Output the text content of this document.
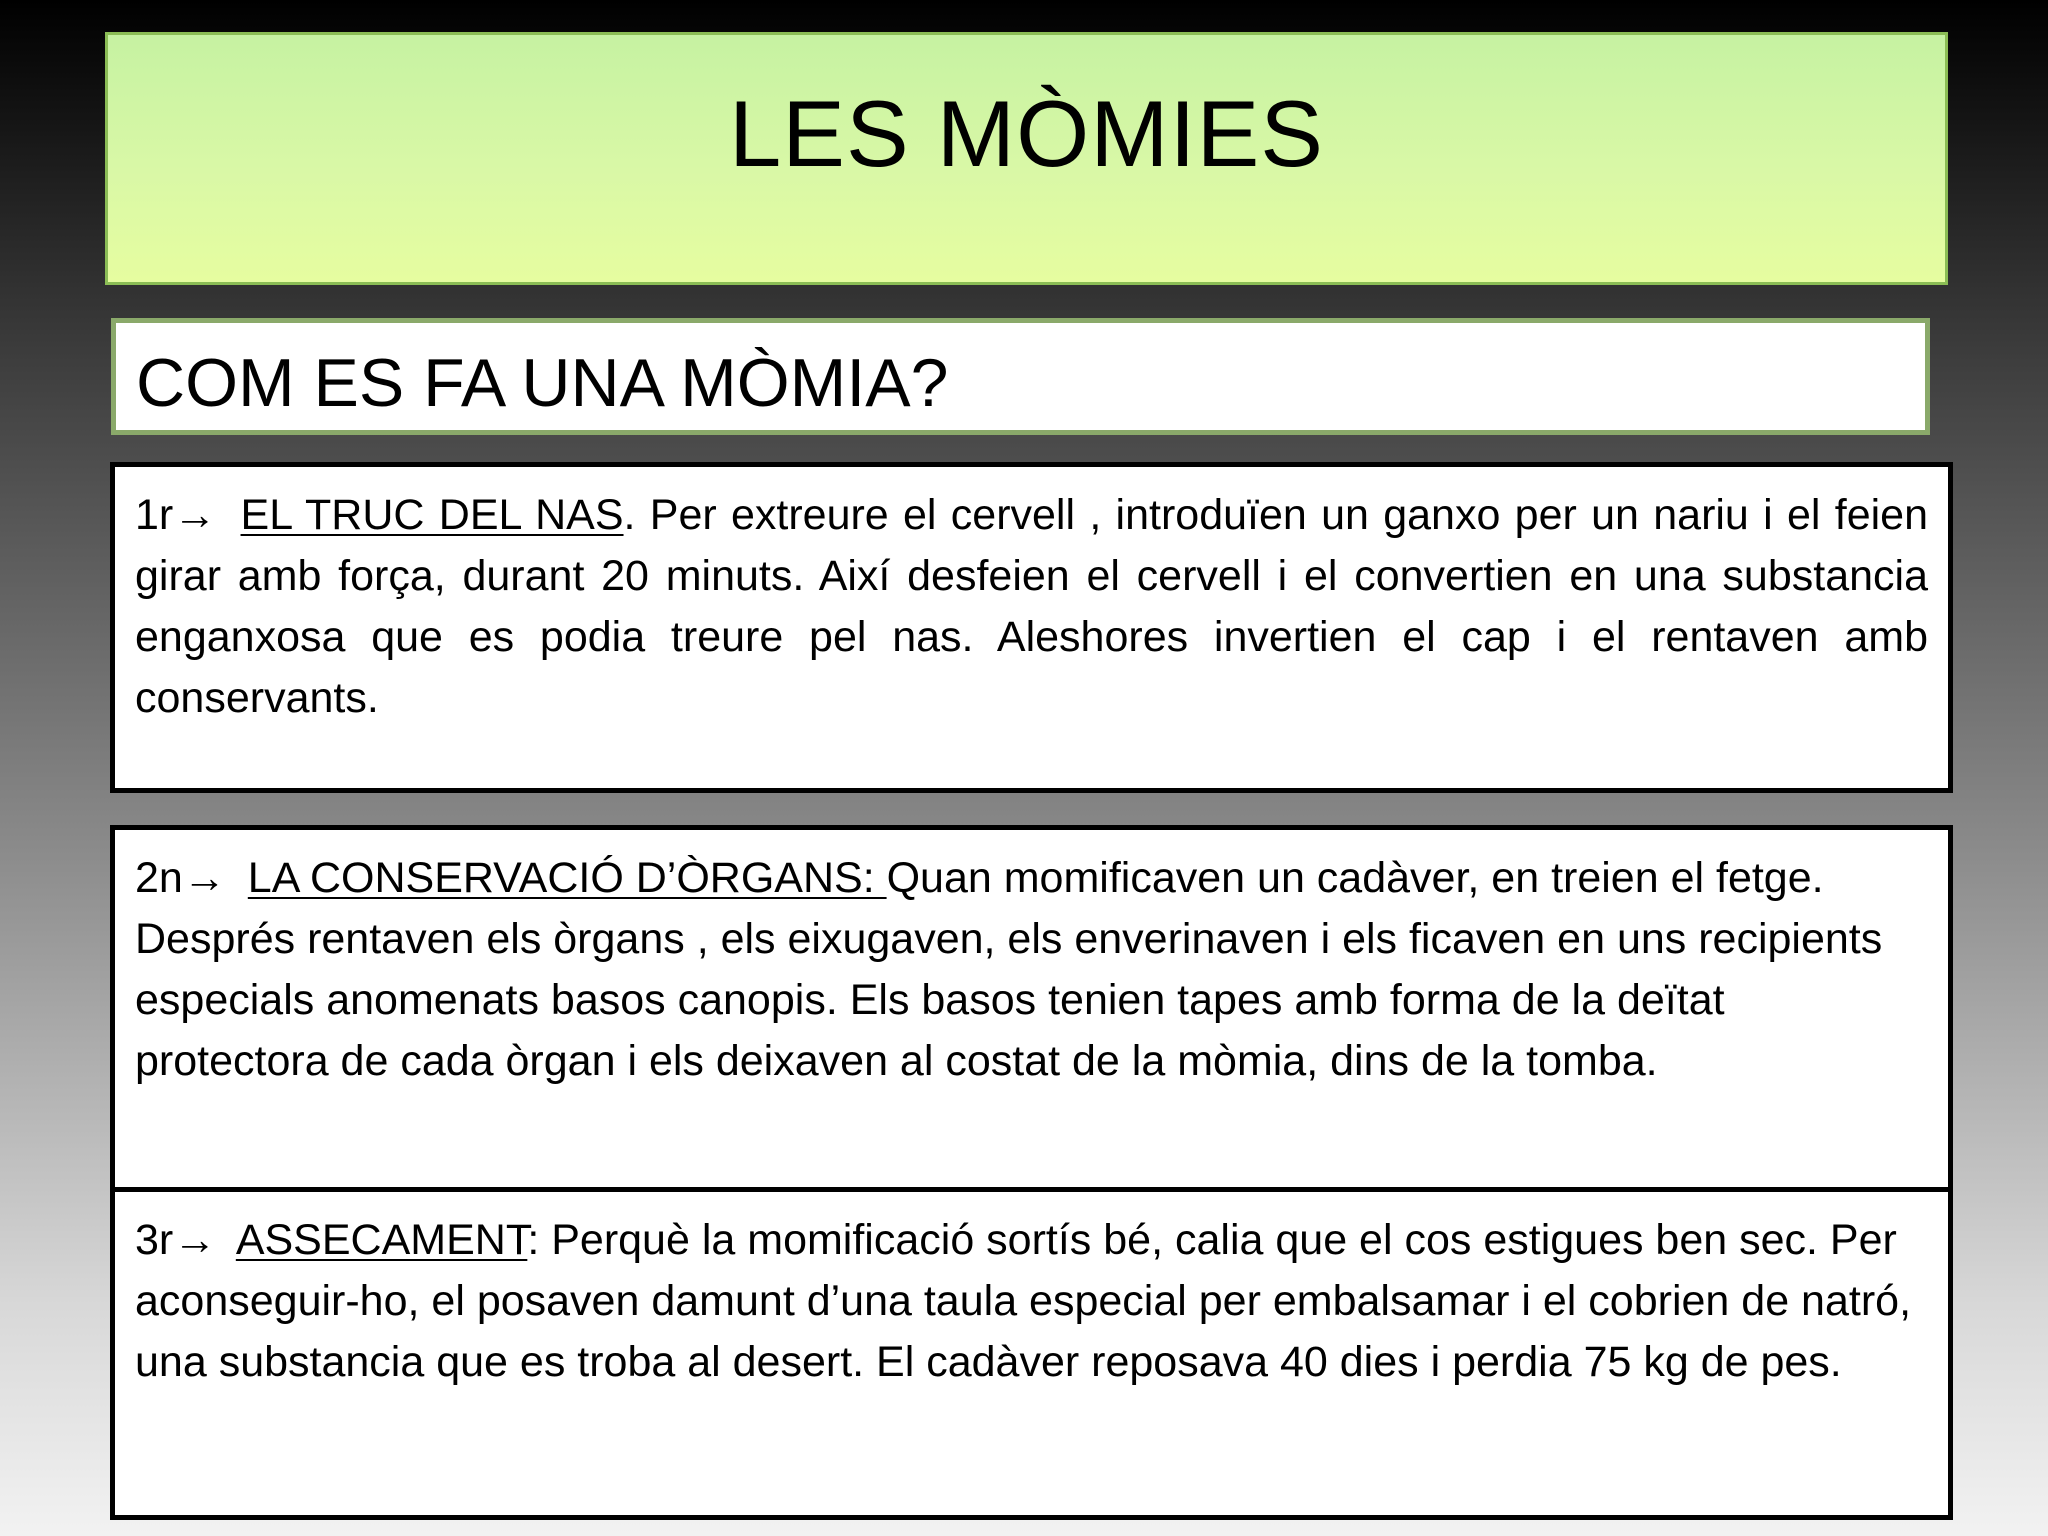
LES MÒMIES
COM ES FA UNA MÒMIA?
1r→ EL TRUC DEL NAS. Per extreure el cervell , introduïen un ganxo per un nariu i el feien girar amb força, durant 20 minuts. Així desfeien el cervell i el convertien en una substancia enganxosa que es podia treure pel nas. Aleshores invertien el cap i el rentaven amb conservants.
2n→ LA CONSERVACIÓ D’ÒRGANS: Quan momificaven un cadàver, en treien el fetge. Després rentaven els òrgans , els eixugaven, els enverinaven i els ficaven en uns recipients especials anomenats basos canopis. Els basos tenien tapes amb forma de la deïtat protectora de cada òrgan i els deixaven al costat de la mòmia, dins de la tomba.
3r→ ASSECAMENT: Perquè la momificació sortís bé, calia que el cos estigues ben sec. Per aconseguir-ho, el posaven damunt d’una taula especial per embalsamar i el cobrien de natró, una substancia que es troba al desert. El cadàver reposava 40 dies i perdia 75 kg de pes.
